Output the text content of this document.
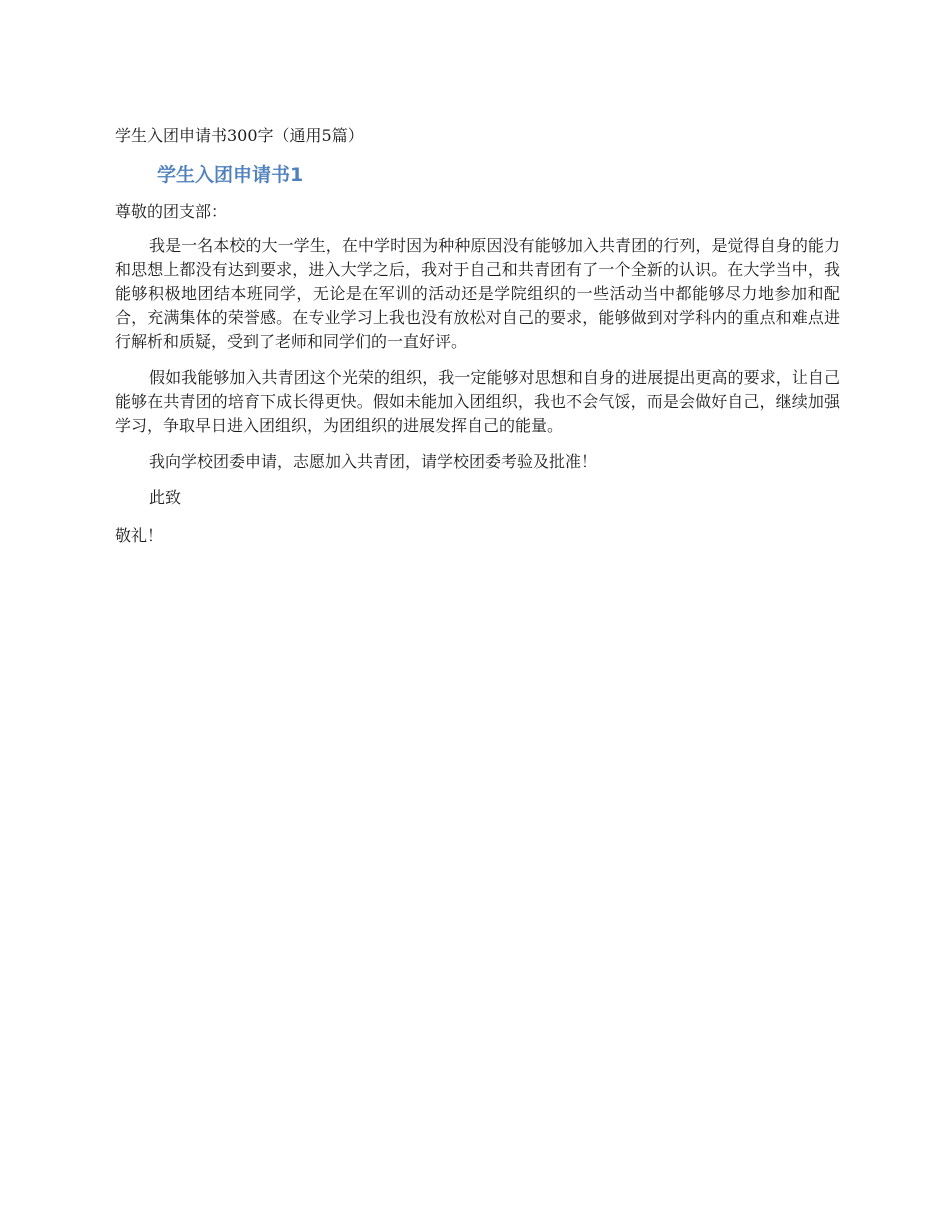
学生入团申请书300字（通用5篇）
学生入团申请书1
尊敬的团支部：

我是一名本校的大一学生，在中学时因为种种原因没有能够加入共青团的行列，是觉得自身的能力和思想上都没有达到要求，进入大学之后，我对于自己和共青团有了一个全新的认识。在大学当中，我能够积极地团结本班同学，无论是在军训的活动还是学院组织的一些活动当中都能够尽力地参加和配合，充满集体的荣誉感。在专业学习上我也没有放松对自己的要求，能够做到对学科内的重点和难点进行解析和质疑，受到了老师和同学们的一直好评。

假如我能够加入共青团这个光荣的组织，我一定能够对思想和自身的进展提出更高的要求，让自己能够在共青团的培育下成长得更快。假如未能加入团组织，我也不会气馁，而是会做好自己，继续加强学习，争取早日进入团组织，为团组织的进展发挥自己的能量。

我向学校团委申请，志愿加入共青团，请学校团委考验及批准！

此致
敬礼！
